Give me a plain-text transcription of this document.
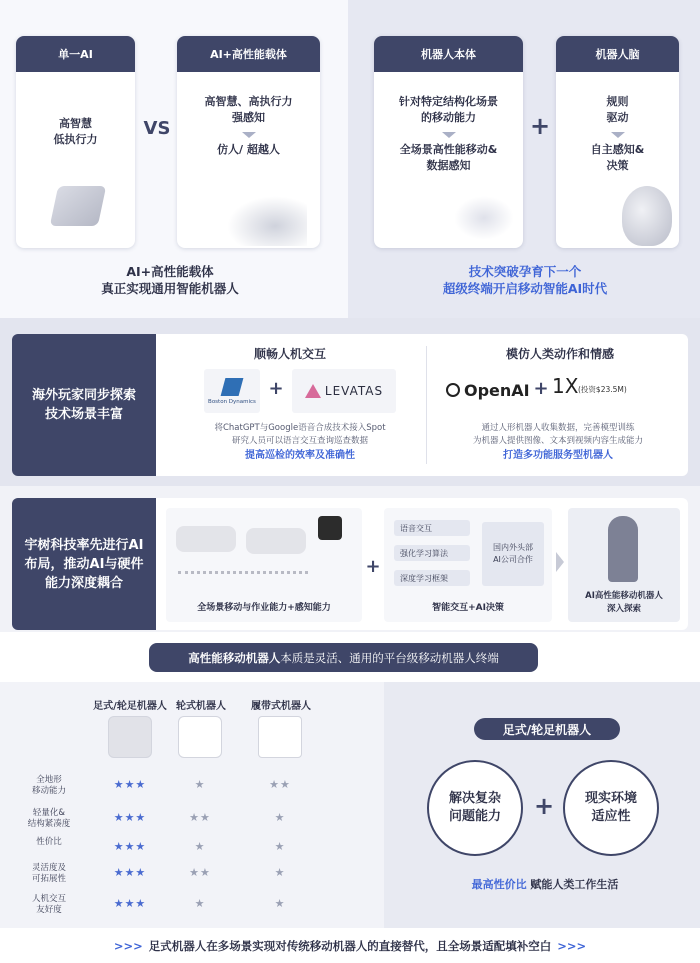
单一AI
高智慧
低执行力
VS
AI+高性能载体
高智慧、高执行力
强感知
仿人/ 超越人
AI+高性能载体
真正实现通用智能机器人
机器人本体
针对特定结构化场景
的移动能力
全场景高性能移动&
数据感知
+
机器人脑
规则
驱动
自主感知&
决策
技术突破孕育下一个
超级终端开启移动智能AI时代
海外玩家同步探索
技术场景丰富
顺畅人机交互
Boston Dynamics
+	LEVATAS
将ChatGPT与Google语音合成技术接入Spot
研究人员可以语言交互查询巡查数据
提高巡检的效率及准确性
模仿人类动作和情感
OpenAI + 1X (投资$23.5M)
通过人形机器人收集数据，完善模型训练
为机器人提供图像、文本到视频内容生成能力
打造多功能服务型机器人
宇树科技率先进行AI
布局，推动AI与硬件
能力深度耦合
全场景移动与作业能力+感知能力
+
语音交互
强化学习算法
深度学习框架
国内外头部
AI公司合作
智能交互+AI决策
AI高性能移动机器人
深入探索
高性能移动机器人 本质是灵活、通用的平台级移动机器人终端
足式/轮足机器人 轮式机器人	履带式机器人
全地形
移动能力	★★★	★	★★
轻量化&
结构紧凑度	★★★	★★	★
性价比	★★★	★	★
灵活度及
可拓展性	★★★	★★	★
人机交互
友好度	★★★	★	★
足式/轮足机器人
解决复杂
问题能力 +	现实环境
适应性
最高性价比 赋能人类工作生活
>>> 足式机器人在多场景实现对传统移动机器人的直接替代，且全场景适配填补空白 >>>
